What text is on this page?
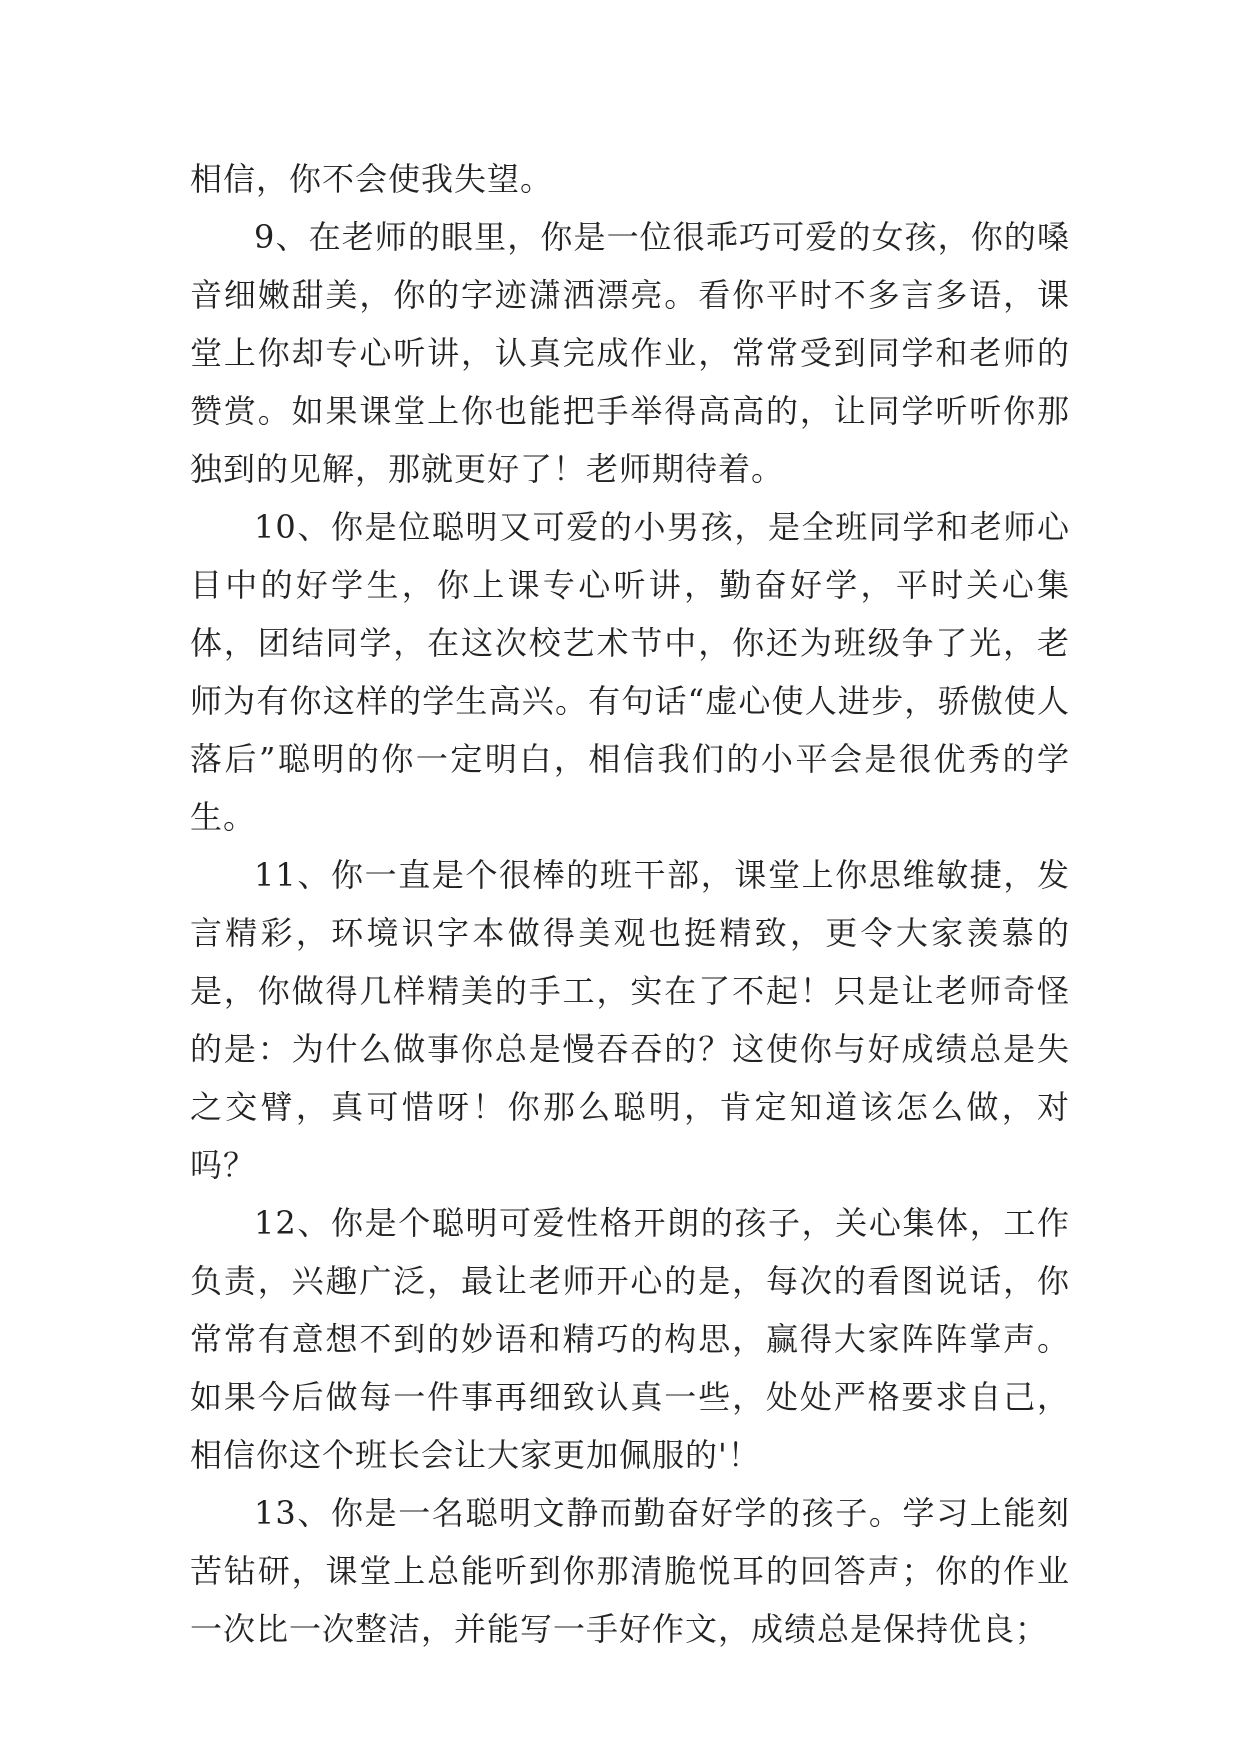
相信，你不会使我失望。

9、在老师的眼里，你是一位很乖巧可爱的女孩，你的嗓音细嫩甜美，你的字迹潇洒漂亮。看你平时不多言多语，课堂上你却专心听讲，认真完成作业，常常受到同学和老师的赞赏。如果课堂上你也能把手举得高高的，让同学听听你那独到的见解，那就更好了！老师期待着。

10、你是位聪明又可爱的小男孩，是全班同学和老师心目中的好学生，你上课专心听讲，勤奋好学，平时关心集体，团结同学，在这次校艺术节中，你还为班级争了光，老师为有你这样的学生高兴。有句话“虚心使人进步，骄傲使人落后”聪明的你一定明白，相信我们的小平会是很优秀的学生。

11、你一直是个很棒的班干部，课堂上你思维敏捷，发言精彩，环境识字本做得美观也挺精致，更令大家羡慕的是，你做得几样精美的手工，实在了不起！只是让老师奇怪的是：为什么做事你总是慢吞吞的？这使你与好成绩总是失之交臂，真可惜呀！你那么聪明，肯定知道该怎么做，对吗？

12、你是个聪明可爱性格开朗的孩子，关心集体，工作负责，兴趣广泛，最让老师开心的是，每次的看图说话，你常常有意想不到的妙语和精巧的构思，赢得大家阵阵掌声。如果今后做每一件事再细致认真一些，处处严格要求自己，相信你这个班长会让大家更加佩服的'！

13、你是一名聪明文静而勤奋好学的孩子。学习上能刻苦钻研，课堂上总能听到你那清脆悦耳的回答声；你的作业一次比一次整洁，并能写一手好作文，成绩总是保持优良；
